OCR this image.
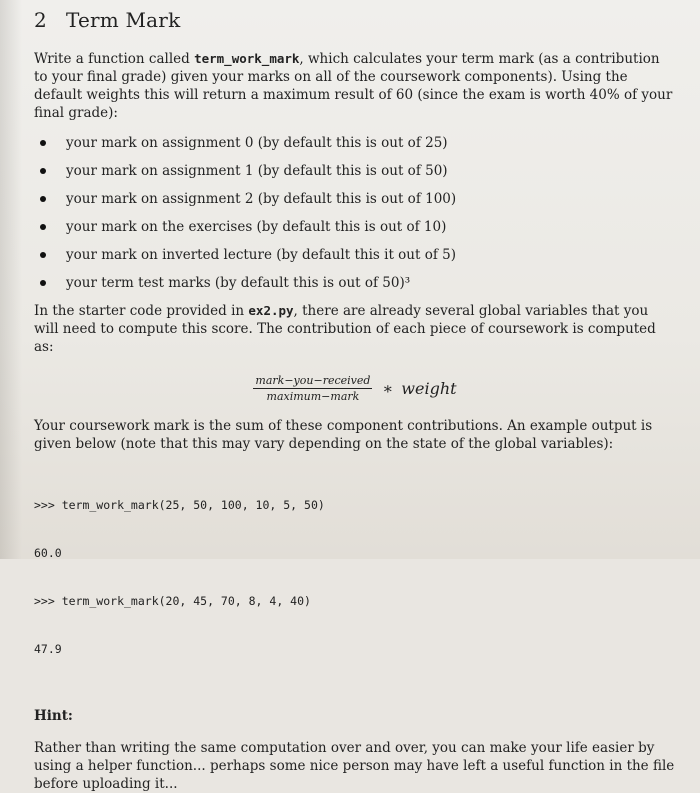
2 Term Mark

Write a function called term_work_mark, which calculates your term mark (as a contribution to your final grade) given your marks on all of the coursework components). Using the default weights this will return a maximum result of 60 (since the exam is worth 40% of your final grade):

your mark on assignment 0 (by default this is out of 25)
your mark on assignment 1 (by default this is out of 50)
your mark on assignment 2 (by default this is out of 100)
your mark on the exercises (by default this is out of 10)
your mark on inverted lecture (by default this it out of 5)
your term test marks (by default this is out of 50)³

In the starter code provided in ex2.py, there are already several global variables that you will need to compute this score. The contribution of each piece of coursework is computed as:

$\frac{\text{mark−you−received}}{\text{maximum−mark}}$ ∗ weight

Your coursework mark is the sum of these component contributions. An example output is given below (note that this may vary depending on the state of the global variables):

>>> term_work_mark(25, 50, 100, 10, 5, 50)

60.0

>>> term_work_mark(20, 45, 70, 8, 4, 40)

47.9

Hint:

Rather than writing the same computation over and over, you can make your life easier by using a helper function... perhaps some nice person may have left a useful function in the file before uploading it...
